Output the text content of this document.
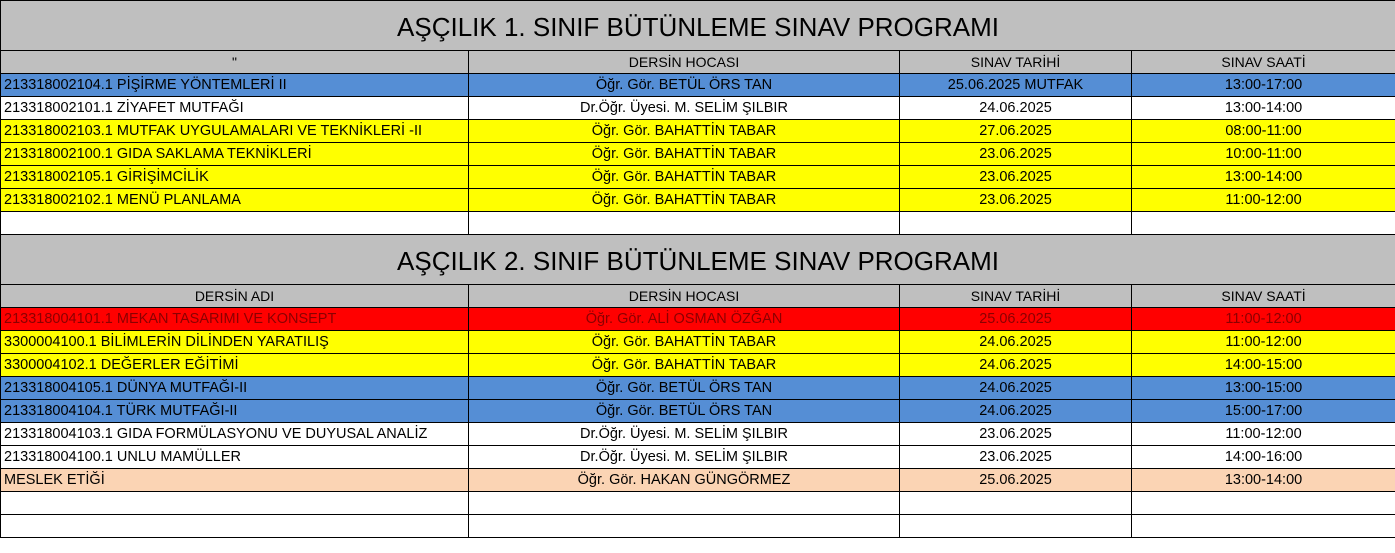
AŞÇILIK 1. SINIF BÜTÜNLEME SINAV PROGRAMI			
"	DERSİN HOCASI	SINAV TARİHİ	SINAV SAATİ
213318002104.1 PİŞİRME YÖNTEMLERİ II	Öğr. Gör. BETÜL ÖRS TAN	25.06.2025 MUTFAK	13:00-17:00
213318002101.1 ZİYAFET MUTFAĞI	Dr.Öğr. Üyesi. M. SELİM ŞILBIR	24.06.2025	13:00-14:00
213318002103.1 MUTFAK UYGULAMALARI VE TEKNİKLERİ -II	Öğr. Gör. BAHATTİN TABAR	27.06.2025	08:00-11:00
213318002100.1 GIDA SAKLAMA TEKNİKLERİ	Öğr. Gör. BAHATTİN TABAR	23.06.2025	10:00-11:00
213318002105.1 GİRİŞİMCİLİK	Öğr. Gör. BAHATTİN TABAR	23.06.2025	13:00-14:00
213318002102.1 MENÜ PLANLAMA	Öğr. Gör. BAHATTİN TABAR	23.06.2025	11:00-12:00

AŞÇILIK 2. SINIF BÜTÜNLEME SINAV PROGRAMI			
DERSİN ADI	DERSİN HOCASI	SINAV TARİHİ	SINAV SAATİ
213318004101.1 MEKAN TASARIMI VE KONSEPT	Öğr. Gör. ALİ OSMAN ÖZĞAN	25.06.2025	11:00-12:00
3300004100.1 BİLİMLERİN DİLİNDEN YARATILIŞ	Öğr. Gör. BAHATTİN TABAR	24.06.2025	11:00-12:00
3300004102.1 DEĞERLER EĞİTİMİ	Öğr. Gör. BAHATTİN TABAR	24.06.2025	14:00-15:00
213318004105.1 DÜNYA MUTFAĞI-II	Öğr. Gör. BETÜL ÖRS TAN	24.06.2025	13:00-15:00
213318004104.1 TÜRK MUTFAĞI-II	Öğr. Gör. BETÜL ÖRS TAN	24.06.2025	15:00-17:00
213318004103.1 GIDA FORMÜLASYONU VE DUYUSAL ANALİZ	Dr.Öğr. Üyesi. M. SELİM ŞILBIR	23.06.2025	11:00-12:00
213318004100.1 UNLU MAMÜLLER	Dr.Öğr. Üyesi. M. SELİM ŞILBIR	23.06.2025	14:00-16:00
MESLEK ETİĞİ	Öğr. Gör. HAKAN GÜNGÖRMEZ	25.06.2025	13:00-14:00
